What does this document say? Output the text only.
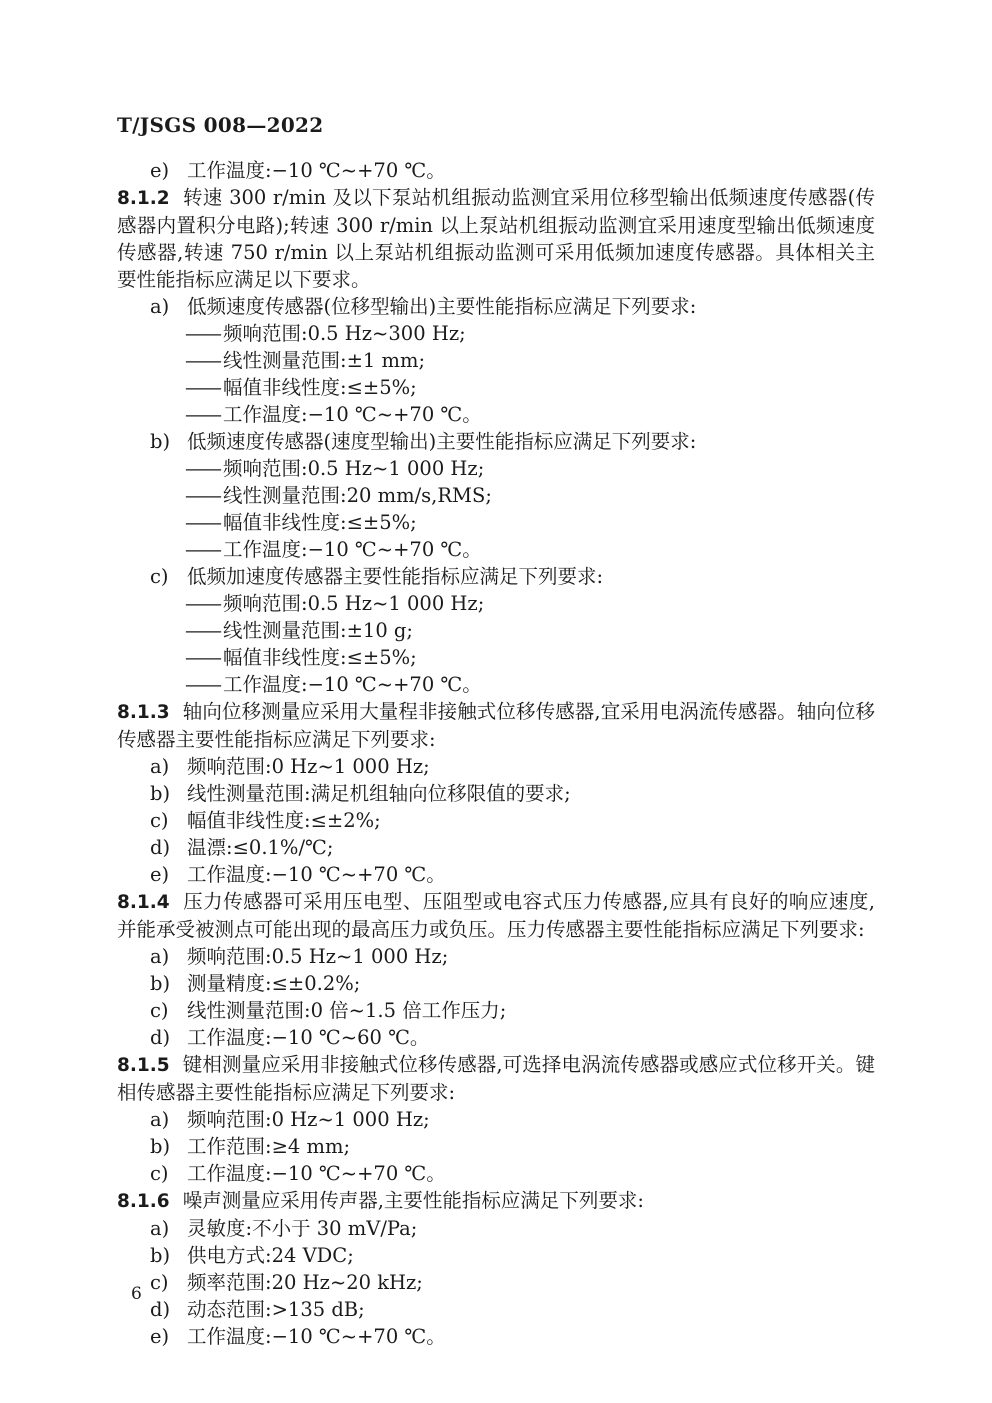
T/JSGS 008—2022
e) 工作温度:−10 ℃~+70 ℃。
8.1.2 转速 300 r/min 及以下泵站机组振动监测宜采用位移型输出低频速度传感器(传感器内置积分电路);转速 300 r/min 以上泵站机组振动监测宜采用速度型输出低频速度传感器,转速 750 r/min 以上泵站机组振动监测可采用低频加速度传感器。具体相关主要性能指标应满足以下要求。
a) 低频速度传感器(位移型输出)主要性能指标应满足下列要求:
—— 频响范围:0.5 Hz~300 Hz;
—— 线性测量范围:±1 mm;
—— 幅值非线性度:≤±5%;
—— 工作温度:−10 ℃~+70 ℃。
b) 低频速度传感器(速度型输出)主要性能指标应满足下列要求:
—— 频响范围:0.5 Hz~1 000 Hz;
—— 线性测量范围:20 mm/s,RMS;
—— 幅值非线性度:≤±5%;
—— 工作温度:−10 ℃~+70 ℃。
c) 低频加速度传感器主要性能指标应满足下列要求:
—— 频响范围:0.5 Hz~1 000 Hz;
—— 线性测量范围:±10 g;
—— 幅值非线性度:≤±5%;
—— 工作温度:−10 ℃~+70 ℃。
8.1.3 轴向位移测量应采用大量程非接触式位移传感器,宜采用电涡流传感器。轴向位移传感器主要性能指标应满足下列要求:
a) 频响范围:0 Hz~1 000 Hz;
b) 线性测量范围:满足机组轴向位移限值的要求;
c) 幅值非线性度:≤±2%;
d) 温漂:≤0.1%/℃;
e) 工作温度:−10 ℃~+70 ℃。
8.1.4 压力传感器可采用压电型、压阻型或电容式压力传感器,应具有良好的响应速度,并能承受被测点可能出现的最高压力或负压。压力传感器主要性能指标应满足下列要求:
a) 频响范围:0.5 Hz~1 000 Hz;
b) 测量精度:≤±0.2%;
c) 线性测量范围:0 倍~1.5 倍工作压力;
d) 工作温度:−10 ℃~60 ℃。
8.1.5 键相测量应采用非接触式位移传感器,可选择电涡流传感器或感应式位移开关。键相传感器主要性能指标应满足下列要求:
a) 频响范围:0 Hz~1 000 Hz;
b) 工作范围:≥4 mm;
c) 工作温度:−10 ℃~+70 ℃。
8.1.6 噪声测量应采用传声器,主要性能指标应满足下列要求:
a) 灵敏度:不小于 30 mV/Pa;
b) 供电方式:24 VDC;
c) 频率范围:20 Hz~20 kHz;
d) 动态范围:>135 dB;
e) 工作温度:−10 ℃~+70 ℃。
6
